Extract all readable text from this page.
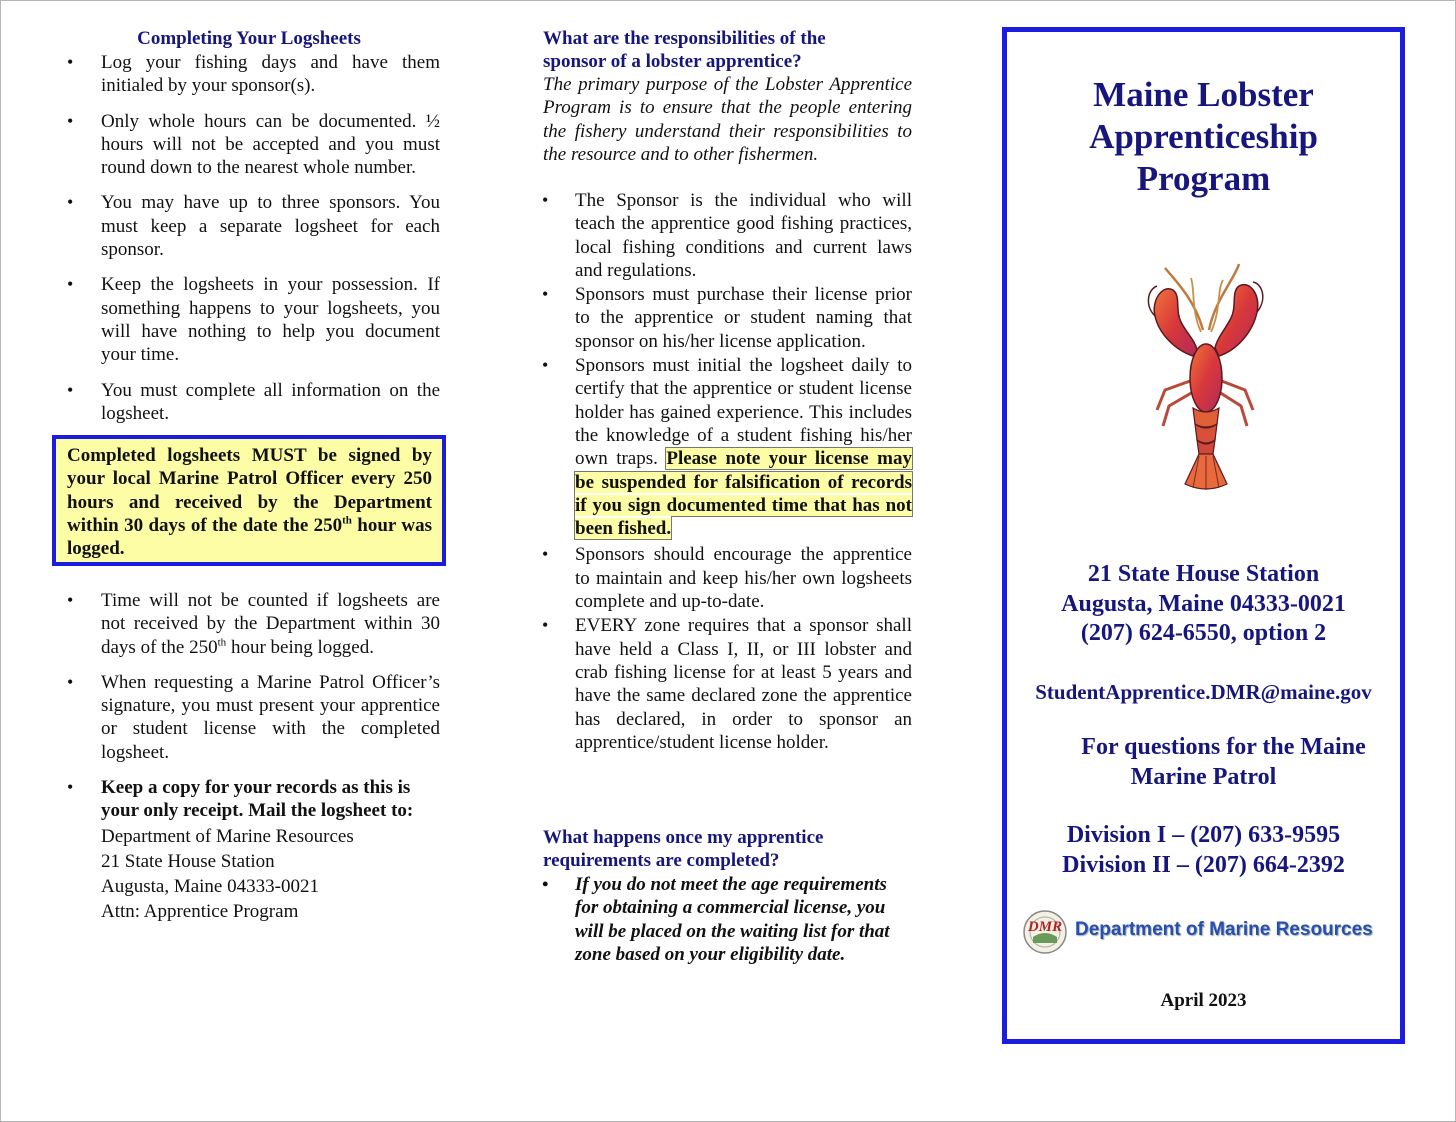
Completing Your Logsheets
• Log your fishing days and have them initialed by your sponsor(s).
• Only whole hours can be documented. ½ hours will not be accepted and you must round down to the nearest whole number.
• You may have up to three sponsors. You must keep a separate logsheet for each sponsor.
• Keep the logsheets in your possession. If something happens to your logsheets, you will have nothing to help you document your time.
• You must complete all information on the logsheet.
Completed logsheets MUST be signed by your local Marine Patrol Officer every 250 hours and received by the Department within 30 days of the date the 250th hour was logged.
• Time will not be counted if logsheets are not received by the Department within 30 days of the 250th hour being logged.
• When requesting a Marine Patrol Officer’s signature, you must present your apprentice or student license with the completed logsheet.
• Keep a copy for your records as this is your only receipt. Mail the logsheet to:
Department of Marine Resources
21 State House Station
Augusta, Maine 04333-0021
Attn: Apprentice Program
What are the responsibilities of the sponsor of a lobster apprentice?
The primary purpose of the Lobster Apprentice Program is to ensure that the people entering the fishery understand their responsibilities to the resource and to other fishermen.
• The Sponsor is the individual who will teach the apprentice good fishing practices, local fishing conditions and current laws and regulations.
• Sponsors must purchase their license prior to the apprentice or student naming that sponsor on his/her license application.
• Sponsors must initial the logsheet daily to certify that the apprentice or student license holder has gained experience. This includes the knowledge of a student fishing his/her own traps. Please note your license may be suspended for falsification of records if you sign documented time that has not been fished.
• Sponsors should encourage the apprentice to maintain and keep his/her own logsheets complete and up-to-date.
• EVERY zone requires that a sponsor shall have held a Class I, II, or III lobster and crab fishing license for at least 5 years and have the same declared zone the apprentice has declared, in order to sponsor an apprentice/student license holder.
What happens once my apprentice requirements are completed?
• If you do not meet the age requirements for obtaining a commercial license, you will be placed on the waiting list for that zone based on your eligibility date.
Maine Lobster
Apprenticeship
Program
21 State House Station
Augusta, Maine 04333-0021
(207) 624-6550, option 2
StudentApprentice.DMR@maine.gov
For questions for the Maine
Marine Patrol
Division I – (207) 633-9595
Division II – (207) 664-2392
DMR Department of Marine Resources
April 2023
